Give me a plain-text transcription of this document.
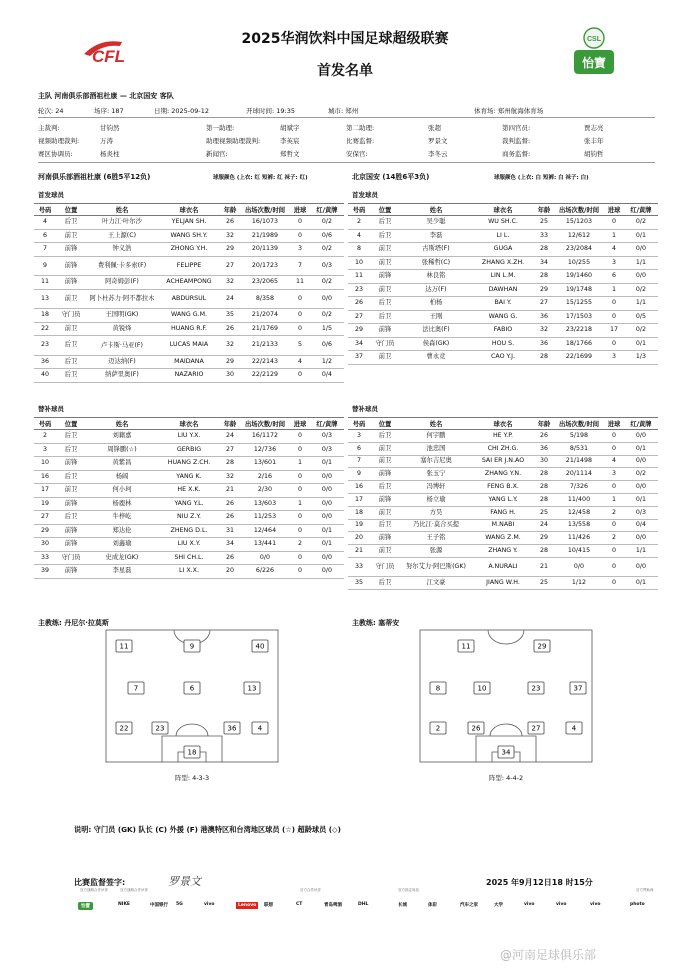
CFL
CSL
怡寶
2025华润饮料中国足球超级联赛
首发名单
主队 河南俱乐部酒祖杜康 — 北京国安 客队
轮次: 24	场序: 187	日期: 2025-09-12	开球时间: 19:35	城市: 郑州	体育场: 郑州航海体育场
主裁判:	甘钧然	第一助理:	胡斌宇	第二助理:	张超	第四官员:	贾志亮
视频助理裁判:	万涛	助理视频助理裁判:	李英宸	比赛监督:	罗景文	裁判监督:	张丰年
赛区协调员:	杨炎柱	新闻官:	郑哲文	安保官:	李冬云	商务监督:	胡钧哲
河南俱乐部酒祖杜康 (6胜5平12负)	球服颜色 (上衣: 红 短裤: 红 袜子: 红)	北京国安 (14胜6平3负)	球服颜色 (上衣: 白 短裤: 白 袜子: 白)
首发球员	首发球员
号码	位置	姓名	球衣名	年龄	出场次数/时间	进球	红/黄牌
4	后卫	叶力江·叶尔沙	YELJAN SH.	26	16/1073	0	0/2
6	前卫	王上源(C)	WANG SH.Y.	32	21/1989	0	0/6
7	前锋	钟义浩	ZHONG Y.H.	29	20/1139	3	0/2
9	前锋	费利佩·卡多索(F)	FELIPPE	27	20/1723	7	0/3
11	前锋	阿奇姆彭(F)	ACHEAMPONG	32	23/2065	11	0/2
13	前卫	阿卜杜苏力·阿不都拉木	ABDURSUL	24	8/358	0	0/0
18	守门员	王国明(GK)	WANG G.M.	35	21/2074	0	0/2
22	前卫	黄锐烽	HUANG R.F.	26	21/1769	0	1/5
23	后卫	卢卡斯·马亚(F)	LUCAS MAIA	32	21/2133	5	0/6
36	后卫	迈达纳(F)	MAIDANA	29	22/2143	4	1/2
40	后卫	纳萨里奥(F)	NAZARIO	30	22/2129	0	0/4
号码	位置	姓名	球衣名	年龄	出场次数/时间	进球	红/黄牌
2	后卫	吴少聪	WU SH.C.	25	15/1203	0	0/2
4	后卫	李磊	LI L.	33	12/612	1	0/1
8	前卫	古斯塔(F)	GUGA	28	23/2084	4	0/0
10	前卫	张稀哲(C)	ZHANG X.ZH.	34	10/255	3	1/1
11	前锋	林良铭	LIN L.M.	28	19/1460	6	0/0
23	前卫	达万(F)	DAWHAN	29	19/1748	1	0/2
26	后卫	柏杨	BAI Y.	27	15/1255	0	1/1
27	后卫	王刚	WANG G.	36	17/1503	0	0/5
29	前锋	法比奥(F)	FABIO	32	23/2218	17	0/2
34	守门员	侯森(GK)	HOU S.	36	18/1766	0	0/1
37	前卫	曹永竞	CAO Y.J.	28	22/1699	3	1/3
替补球员	替补球员
号码	位置	姓名	球衣名	年龄	出场次数/时间	进球	红/黄牌
2	后卫	刘籍嘉	LIU Y.X.	24	16/1172	0	0/3
3	后卫	周锋鹏(☆)	GERBIG	27	12/736	0	0/3
10	前锋	黄紫昌	HUANG Z.CH.	28	13/601	1	0/1
16	后卫	杨阔	YANG K.	32	2/16	0	0/0
17	前卫	何小珂	HE X.K.	21	2/30	0	0/0
19	前锋	杨鹿林	YANG Y.L.	26	13/603	1	0/0
27	后卫	牛梓屹	NIU Z.Y.	26	11/253	0	0/0
29	前锋	郑达伦	ZHENG D.L.	31	12/464	0	0/1
30	前锋	刘鑫瑜	LIU X.Y.	34	13/441	2	0/1
33	守门员	史成龙(GK)	SHI CH.L.	26	0/0	0	0/0
39	前锋	李星磊	LI X.X.	20	6/226	0	0/0
号码	位置	姓名	球衣名	年龄	出场次数/时间	进球	红/黄牌
3	后卫	何宇鹏	HE Y.P.	26	5/198	0	0/0
6	前卫	池忠国	CHI ZH.G.	36	8/531	0	0/1
7	前卫	塞尔吉尼奥	SAI ER J.N.AO	30	21/1498	4	0/0
9	前锋	张玉宁	ZHANG Y.N.	28	20/1114	3	0/2
16	后卫	冯博轩	FENG B.X.	28	7/326	0	0/0
17	前锋	杨立瑜	YANG L.Y.	28	11/400	1	0/1
18	前卫	方昊	FANG H.	25	12/458	2	0/3
19	后卫	乃比江·莫合买提	M.NABI	24	13/558	0	0/4
20	前锋	王子铭	WANG Z.M.	29	11/426	2	0/0
21	前卫	张源	ZHANG Y.	28	10/415	0	1/1
33	守门员	努尔艾力·阿巴斯(GK)	A.NURALI	21	0/0	0	0/0
35	后卫	江文豪	JIANG W.H.	25	1/12	0	0/1
主教练: 丹尼尔·拉莫斯	主教练: 塞蒂安
11	9	40
7	6	13
22	23	36	4
18
11	29
8	10	23	37
2	26	27	4
34
阵型: 4-3-3	阵型: 4-4-2
说明: 守门员 (GK) 队长 (C) 外援 (F) 港澳特区和台湾地区球员 (☆) 超龄球员 (◇)
比赛监督签字:	罗景文	2025 年9月12日18 时15分
官方战略合作伙伴	官方战略合作伙伴	官方合作伙伴	官方指定用品	官方赞助商
怡寶	NIKE	中国银行 5G	vivo	Lenovo	联想	CT	青岛啤酒	DHL	长城	体彩	汽车之家	大学	vivo	vivo	vivo	photo
@河南足球俱乐部
